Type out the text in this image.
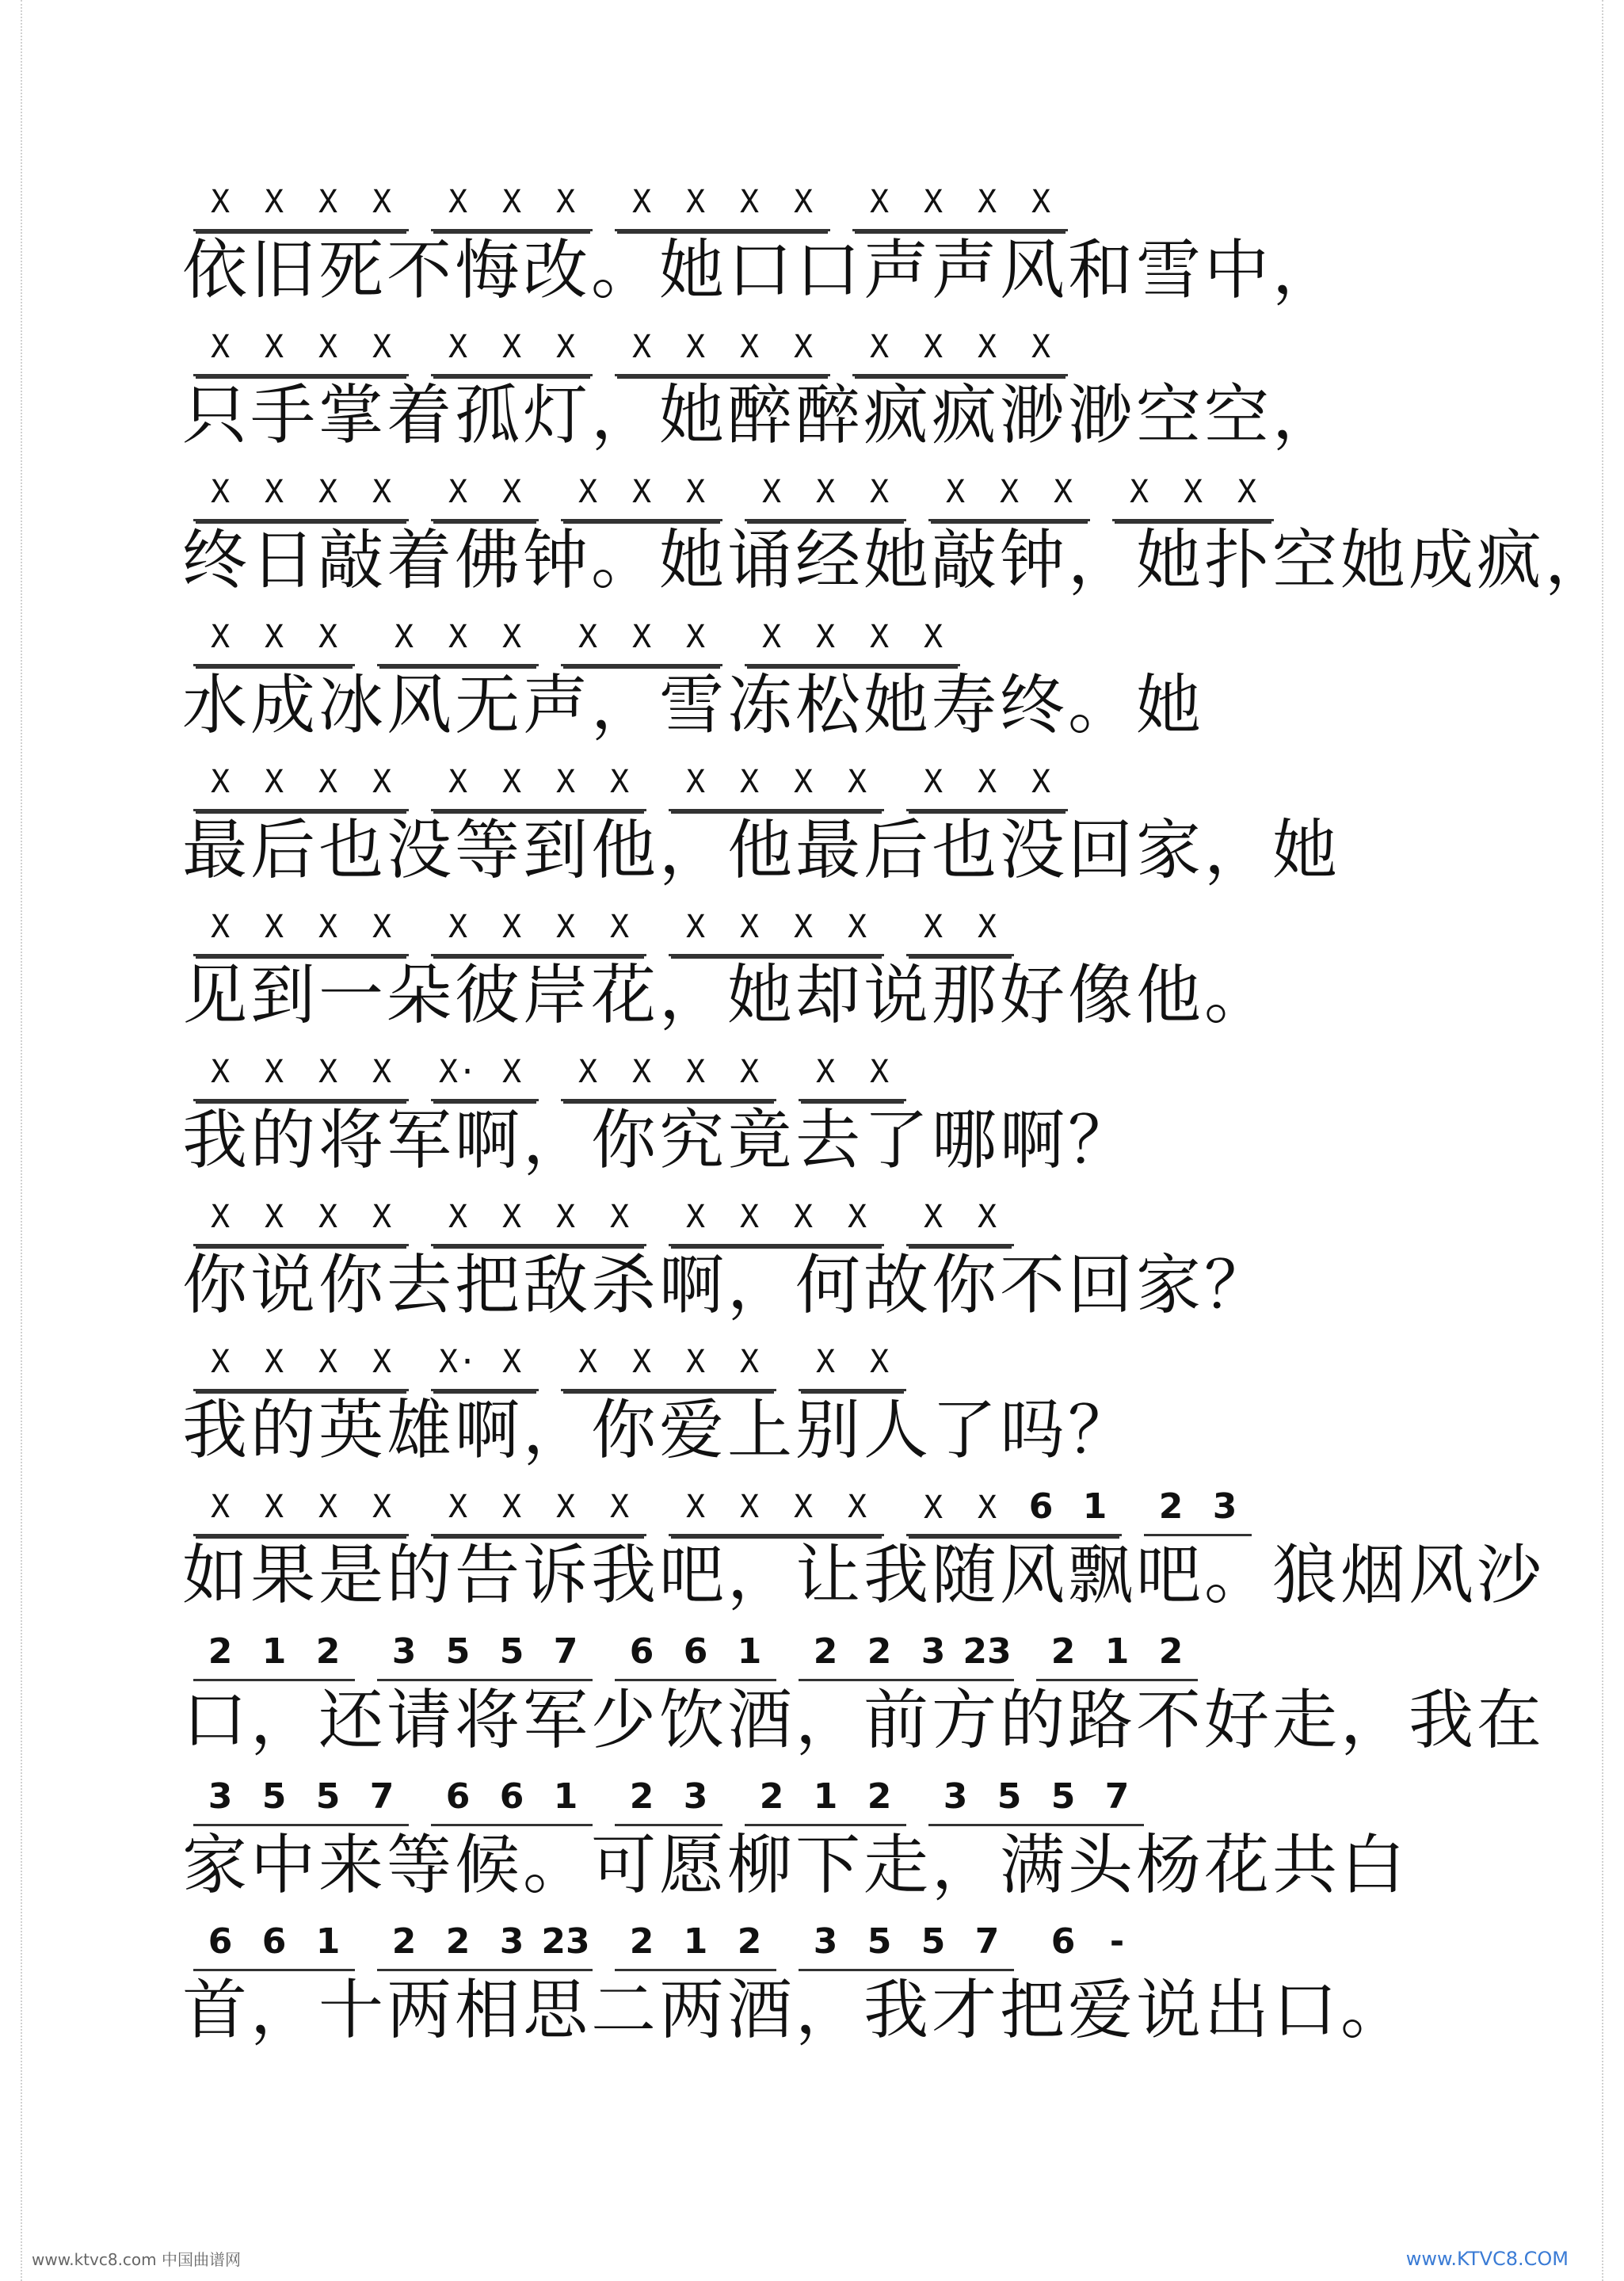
X X X X X X X X X X X X X X X

依旧死不悔改。她口口声声风和雪中，

X X X X X X X X X X X X X X X

只手掌着孤灯，她醉醉疯疯渺渺空空，

X X X X X X X X X X X X X X X X X X

终日敲着佛钟。她诵经她敲钟，她扑空她成疯，

X X X X X X X X X X X X X

水成冰风无声，雪冻松她寿终。她

X X X X X X X X X X X X X X X

最后也没等到他，他最后也没回家，她

X X X X X X X X X X X X X X

见到一朵彼岸花，她却说那好像他。

X X X X X· X X X X X X X

我的将军啊，你究竟去了哪啊？

X X X X X X X X X X X X X X

你说你去把敌杀啊，何故你不回家？

X X X X X· X X X X X X X

我的英雄啊，你爱上别人了吗？

X X X X X X X X X X X X X X 6 1 2 3

如果是的告诉我吧，让我随风飘吧。狼烟风沙

2 1 2 3 5 5 7 6 6 1 2 2 3 23 2 1 2

口，还请将军少饮酒，前方的路不好走，我在

3 5 5 7 6 6 1 2 3 2 1 2 3 5 5 7

家中来等候。可愿柳下走，满头杨花共白

6 6 1 2 2 3 23 2 1 2 3 5 5 7 6 -

首，十两相思二两酒，我才把爱说出口。

www.ktvc8.com 中国曲谱网	www.KTVC8.COM
